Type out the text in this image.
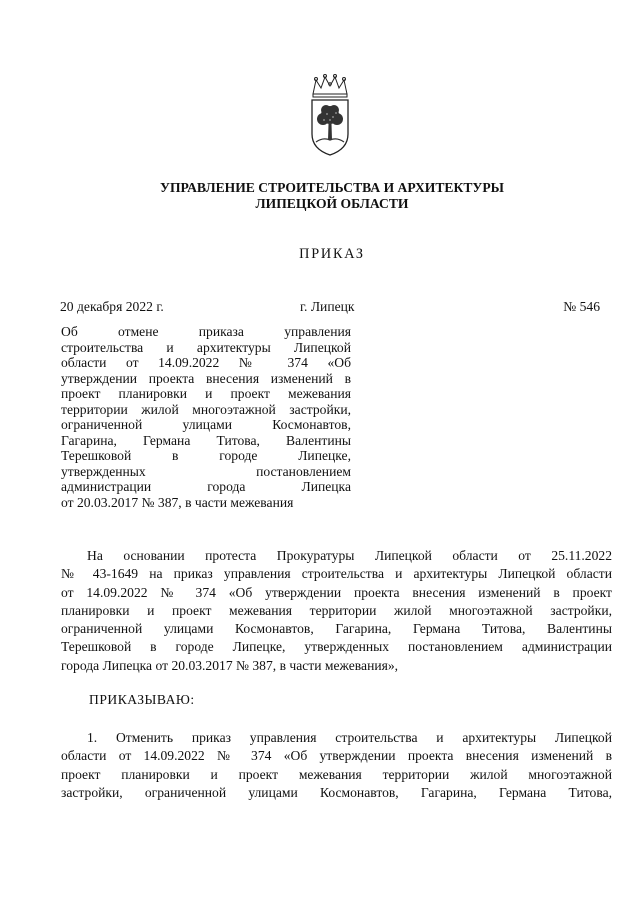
УПРАВЛЕНИЕ СТРОИТЕЛЬСТВА И АРХИТЕКТУРЫ
ЛИПЕЦКОЙ ОБЛАСТИ
ПРИКАЗ
20 декабря 2022 г.	г. Липецк	№ 546
Об отмене приказа управления
строительства и архитектуры Липецкой
области от 14.09.2022 № 374 «Об
утверждении проекта внесения изменений в
проект планировки и проект межевания
территории жилой многоэтажной застройки,
ограниченной улицами Космонавтов,
Гагарина, Германа Титова, Валентины
Терешковой в городе Липецке,
утвержденных постановлением
администрации города Липецка
от 20.03.2017 № 387, в части межевания
На основании протеста Прокуратуры Липецкой области от 25.11.2022
№ 43-1649 на приказ управления строительства и архитектуры Липецкой области
от 14.09.2022 № 374 «Об утверждении проекта внесения изменений в проект
планировки и проект межевания территории жилой многоэтажной застройки,
ограниченной улицами Космонавтов, Гагарина, Германа Титова, Валентины
Терешковой в городе Липецке, утвержденных постановлением администрации
города Липецка от 20.03.2017 № 387, в части межевания»,
ПРИКАЗЫВАЮ:
1. Отменить приказ управления строительства и архитектуры Липецкой
области от 14.09.2022 № 374 «Об утверждении проекта внесения изменений в
проект планировки и проект межевания территории жилой многоэтажной
застройки, ограниченной улицами Космонавтов, Гагарина, Германа Титова,
